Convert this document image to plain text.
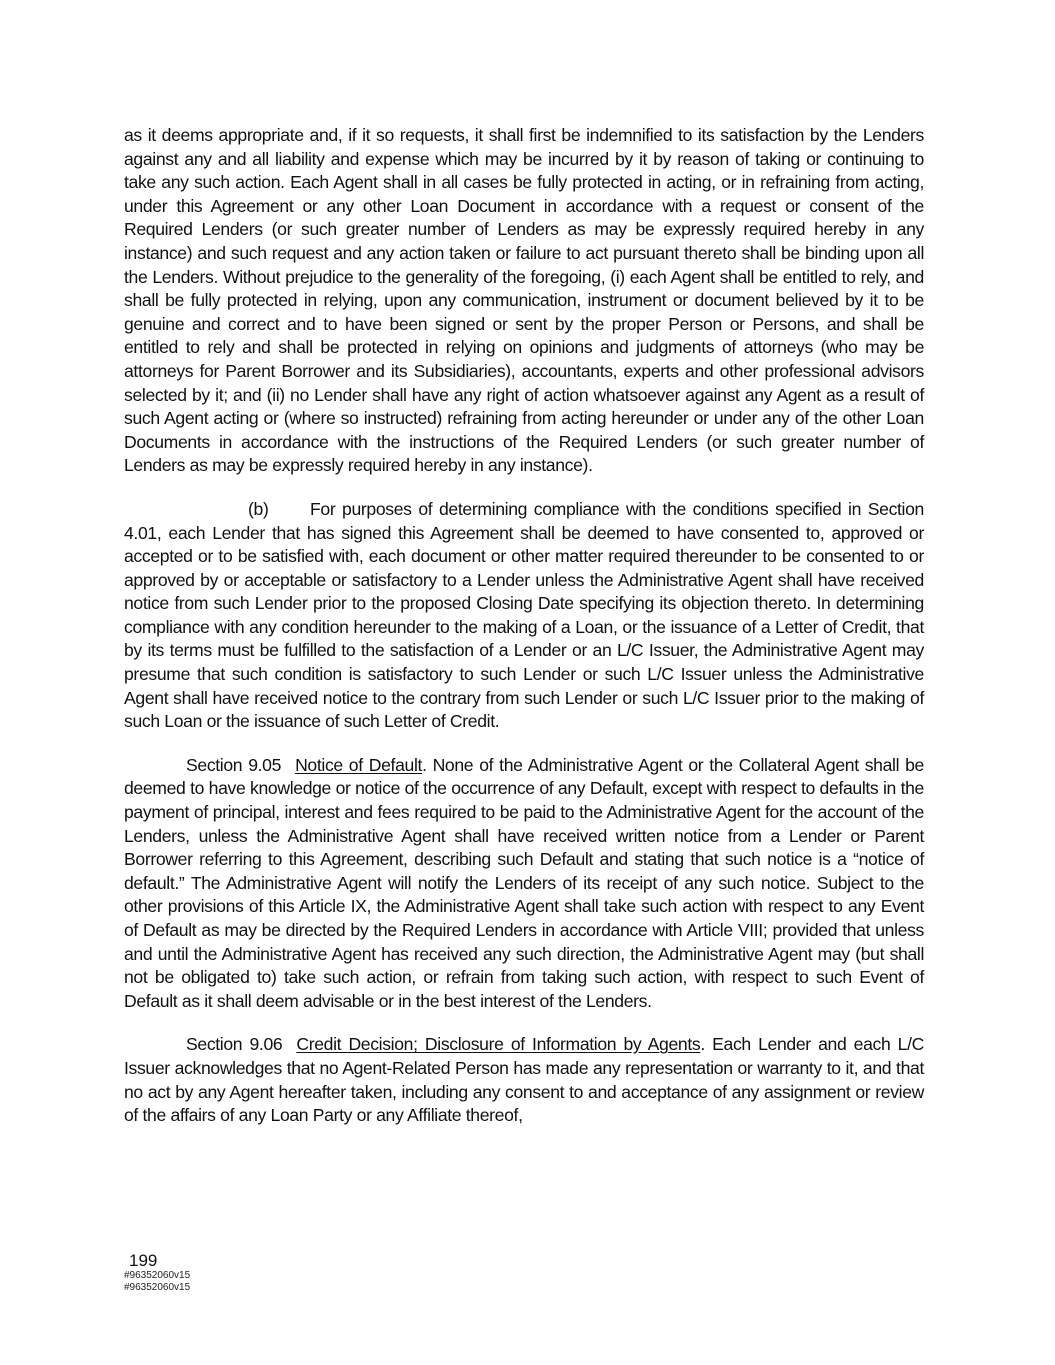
as it deems appropriate and, if it so requests, it shall first be indemnified to its satisfaction by the Lenders against any and all liability and expense which may be incurred by it by reason of taking or continuing to take any such action. Each Agent shall in all cases be fully protected in acting, or in refraining from acting, under this Agreement or any other Loan Document in accordance with a request or consent of the Required Lenders (or such greater number of Lenders as may be expressly required hereby in any instance) and such request and any action taken or failure to act pursuant thereto shall be binding upon all the Lenders. Without prejudice to the generality of the foregoing, (i) each Agent shall be entitled to rely, and shall be fully protected in relying, upon any communication, instrument or document believed by it to be genuine and correct and to have been signed or sent by the proper Person or Persons, and shall be entitled to rely and shall be protected in relying on opinions and judgments of attorneys (who may be attorneys for Parent Borrower and its Subsidiaries), accountants, experts and other professional advisors selected by it; and (ii) no Lender shall have any right of action whatsoever against any Agent as a result of such Agent acting or (where so instructed) refraining from acting hereunder or under any of the other Loan Documents in accordance with the instructions of the Required Lenders (or such greater number of Lenders as may be expressly required hereby in any instance).

(b) For purposes of determining compliance with the conditions specified in Section 4.01, each Lender that has signed this Agreement shall be deemed to have consented to, approved or accepted or to be satisfied with, each document or other matter required thereunder to be consented to or approved by or acceptable or satisfactory to a Lender unless the Administrative Agent shall have received notice from such Lender prior to the proposed Closing Date specifying its objection thereto. In determining compliance with any condition hereunder to the making of a Loan, or the issuance of a Letter of Credit, that by its terms must be fulfilled to the satisfaction of a Lender or an L/C Issuer, the Administrative Agent may presume that such condition is satisfactory to such Lender or such L/C Issuer unless the Administrative Agent shall have received notice to the contrary from such Lender or such L/C Issuer prior to the making of such Loan or the issuance of such Letter of Credit.

Section 9.05 Notice of Default. None of the Administrative Agent or the Collateral Agent shall be deemed to have knowledge or notice of the occurrence of any Default, except with respect to defaults in the payment of principal, interest and fees required to be paid to the Administrative Agent for the account of the Lenders, unless the Administrative Agent shall have received written notice from a Lender or Parent Borrower referring to this Agreement, describing such Default and stating that such notice is a “notice of default.” The Administrative Agent will notify the Lenders of its receipt of any such notice. Subject to the other provisions of this Article IX, the Administrative Agent shall take such action with respect to any Event of Default as may be directed by the Required Lenders in accordance with Article VIII; provided that unless and until the Administrative Agent has received any such direction, the Administrative Agent may (but shall not be obligated to) take such action, or refrain from taking such action, with respect to such Event of Default as it shall deem advisable or in the best interest of the Lenders.

Section 9.06 Credit Decision; Disclosure of Information by Agents. Each Lender and each L/C Issuer acknowledges that no Agent-Related Person has made any representation or warranty to it, and that no act by any Agent hereafter taken, including any consent to and acceptance of any assignment or review of the affairs of any Loan Party or any Affiliate thereof,

199
#96352060v15
#96352060v15
